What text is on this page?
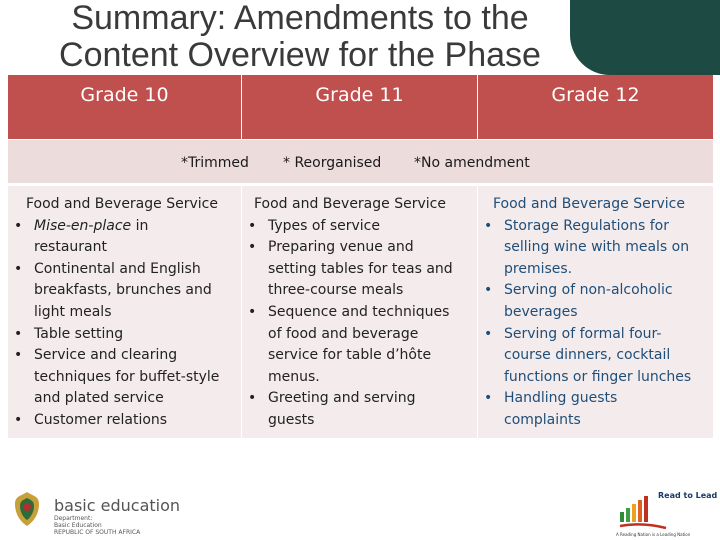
Summary: Amendments to the
Content Overview for the Phase
Grade 10	Grade 11	Grade 12
*Trimmed * Reorganised *No amendment
Food and Beverage Service
• Mise-en-place in
restaurant
• Continental and English
breakfasts, brunches and
light meals
• Table setting
• Service and clearing
techniques for buffet-style
and plated service
• Customer relations
Food and Beverage Service
• Types of service
• Preparing venue and
setting tables for teas and
three-course meals
• Sequence and techniques
of food and beverage
service for table d’hôte
menus.
• Greeting and serving
guests
Food and Beverage Service
• Storage Regulations for
selling wine with meals on
premises.
• Serving of non-alcoholic
beverages
• Serving of formal four-
course dinners, cocktail
functions or finger lunches
• Handling guests
complaints
basic education
Department:
Basic Education
REPUBLIC OF SOUTH AFRICA
Read to Lead
A Reading Nation is a Leading Nation
